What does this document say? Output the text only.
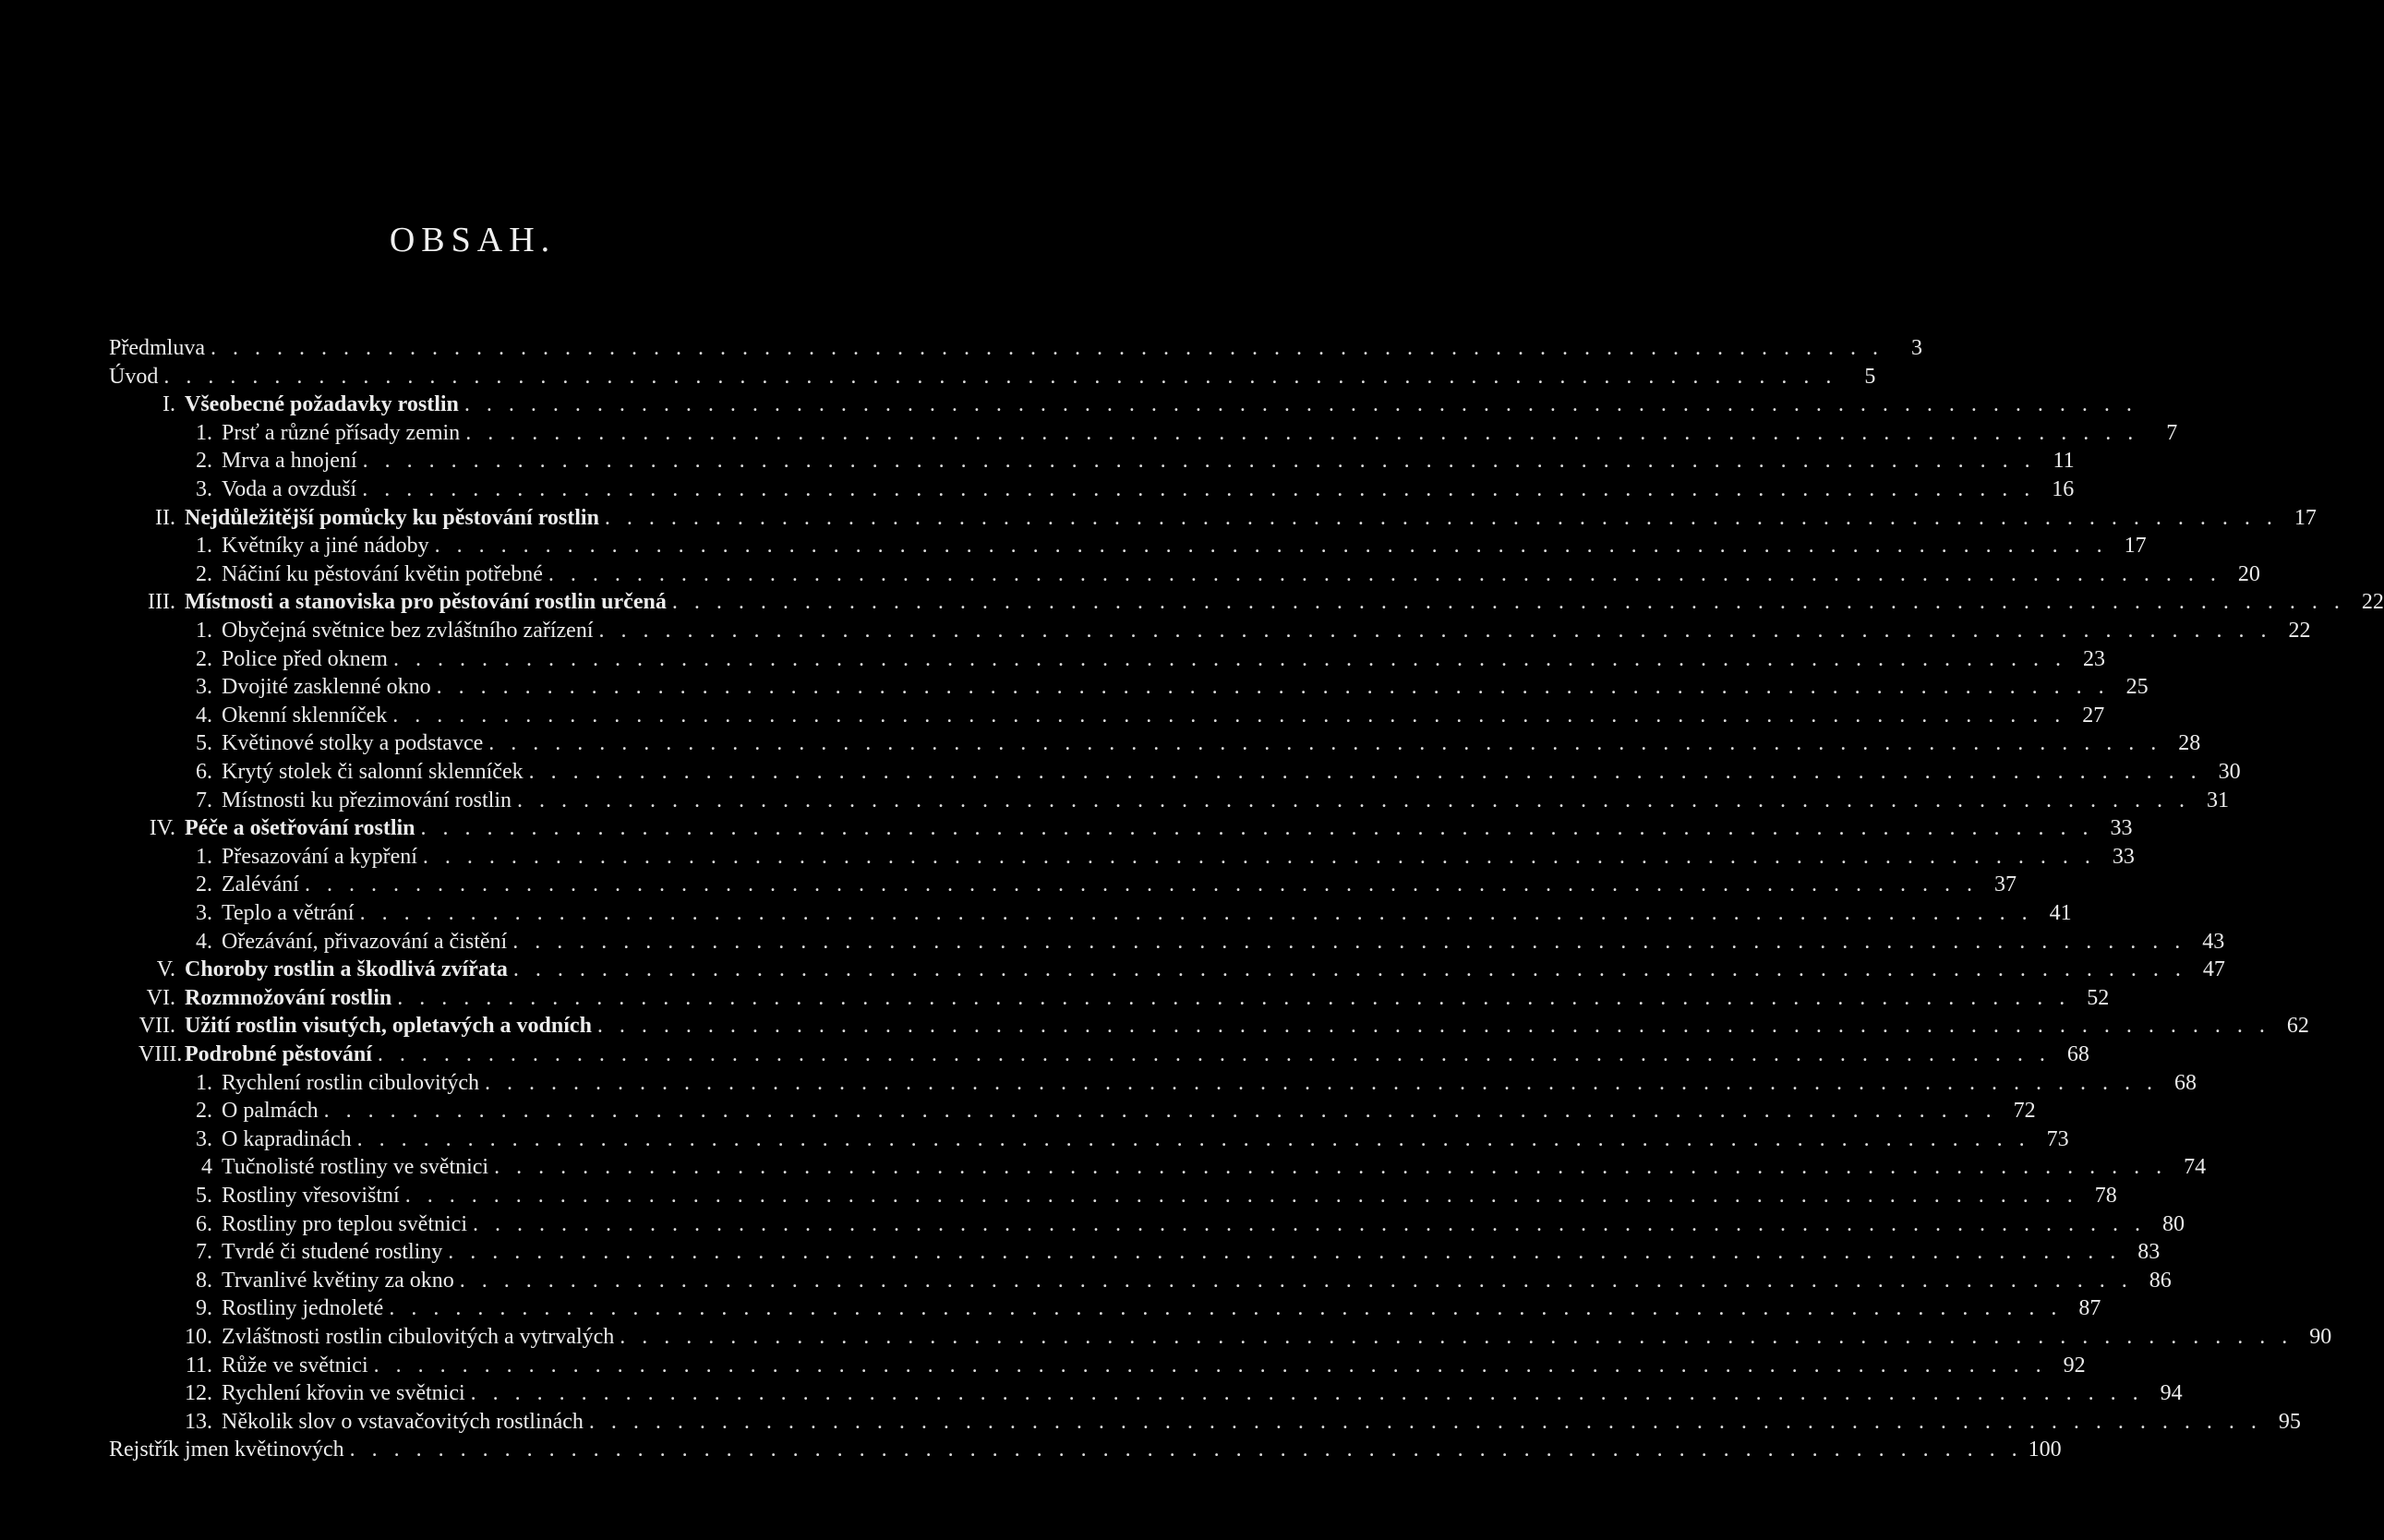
OBSAH.
Předmluva . . .	3
Úvod . . .	5
I. Všeobecné požadavky rostlin
. . .
1. Prsť a různé přísady zemin . . .	7
2. Mrva a hnojení . . .	11
3. Voda a ovzduší . . .	16
II. Nejdůležitější pomůcky ku pěstování rostlin . . .	17
1. Květníky a jiné nádoby . . .	17
2. Náčiní ku pěstování květin potřebné . . .	20
III. Místnosti a stanoviska pro pěstování rostlin určená . . .	22
1. Obyčejná světnice bez zvláštního zařízení . . .	22
2. Police před oknem . . .	23
3. Dvojité zasklenné okno . . .	25
4. Okenní sklenníček . . .	27
5. Květinové stolky a podstavce . . .	28
6. Krytý stolek či salonní sklenníček . . .	30
7. Místnosti ku přezimování rostlin . . .	31
IV. Péče a ošetřování rostlin . . .	33
1. Přesazování a kypření . . .	33
2. Zalévání . . .	37
3. Teplo a větrání . . .	41
4. Ořezávání, přivazování a čistění . . .	43
V. Choroby rostlin a škodlivá zvířata . . .	47
VI. Rozmnožování rostlin . . .	52
VII. Užití rostlin visutých, opletavých a vodních . . .	62
VIII. Podrobné pěstování . . .	68
1. Rychlení rostlin cibulovitých . . .	68
2. O palmách . . .	72
3. O kapradinách . . .	73
4 Tučnolisté rostliny ve světnici . . .	74
5. Rostliny vřesovištní . . .	78
6. Rostliny pro teplou světnici . . .	80
7. Tvrdé či studené rostliny . . .	83
8. Trvanlivé květiny za okno . . .	86
9. Rostliny jednoleté . . .	87
10. Zvláštnosti rostlin cibulovitých a vytrvalých . . .	90
11. Růže ve světnici . . .	92
12. Rychlení křovin ve světnici . . .	94
13. Několik slov o vstavačovitých rostlinách . . .	95
Rejstřík jmen květinových . . .	100
